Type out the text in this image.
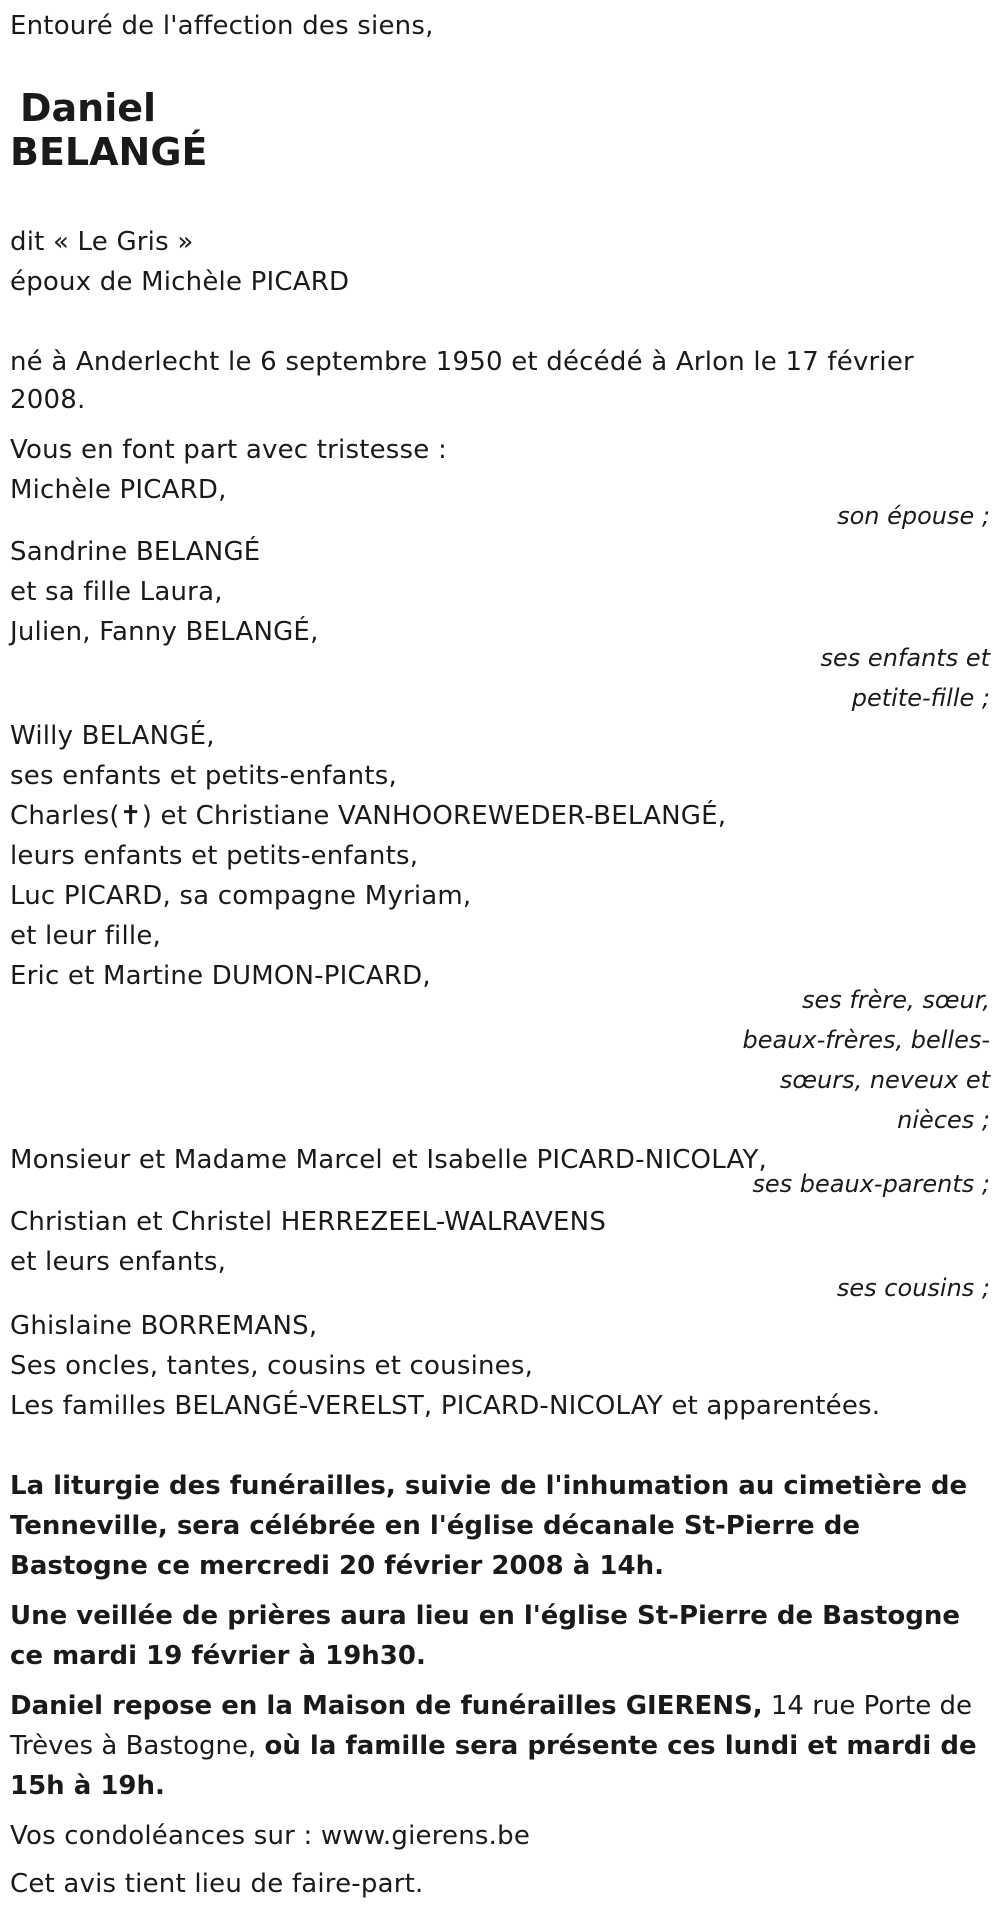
Entouré de l'affection des siens,
Daniel
BELANGÉ
dit « Le Gris »
époux de Michèle PICARD
né à Anderlecht le 6 septembre 1950 et décédé à Arlon le 17 février
2008.
Vous en font part avec tristesse :
Michèle PICARD,
son épouse ;
Sandrine BELANGÉ
et sa fille Laura,
Julien, Fanny BELANGÉ,
ses enfants et
petite-fille ;
Willy BELANGÉ,
ses enfants et petits-enfants,
Charles(✝) et Christiane VANHOOREWEDER-BELANGÉ,
leurs enfants et petits-enfants,
Luc PICARD, sa compagne Myriam,
et leur fille,
Eric et Martine DUMON-PICARD,
ses frère, sœur,
beaux-frères, belles-
sœurs, neveux et
nièces ;
Monsieur et Madame Marcel et Isabelle PICARD-NICOLAY,
ses beaux-parents ;
Christian et Christel HERREZEEL-WALRAVENS
et leurs enfants,
ses cousins ;
Ghislaine BORREMANS,
Ses oncles, tantes, cousins et cousines,
Les familles BELANGÉ-VERELST, PICARD-NICOLAY et apparentées.
La liturgie des funérailles, suivie de l'inhumation au cimetière de Tenneville, sera célébrée en l'église décanale St-Pierre de Bastogne ce mercredi 20 février 2008 à 14h.
Une veillée de prières aura lieu en l'église St-Pierre de Bastogne ce mardi 19 février à 19h30.
Daniel repose en la Maison de funérailles GIERENS, 14 rue Porte de Trèves à Bastogne, où la famille sera présente ces lundi et mardi de 15h à 19h.
Vos condoléances sur : www.gierens.be
Cet avis tient lieu de faire-part.
